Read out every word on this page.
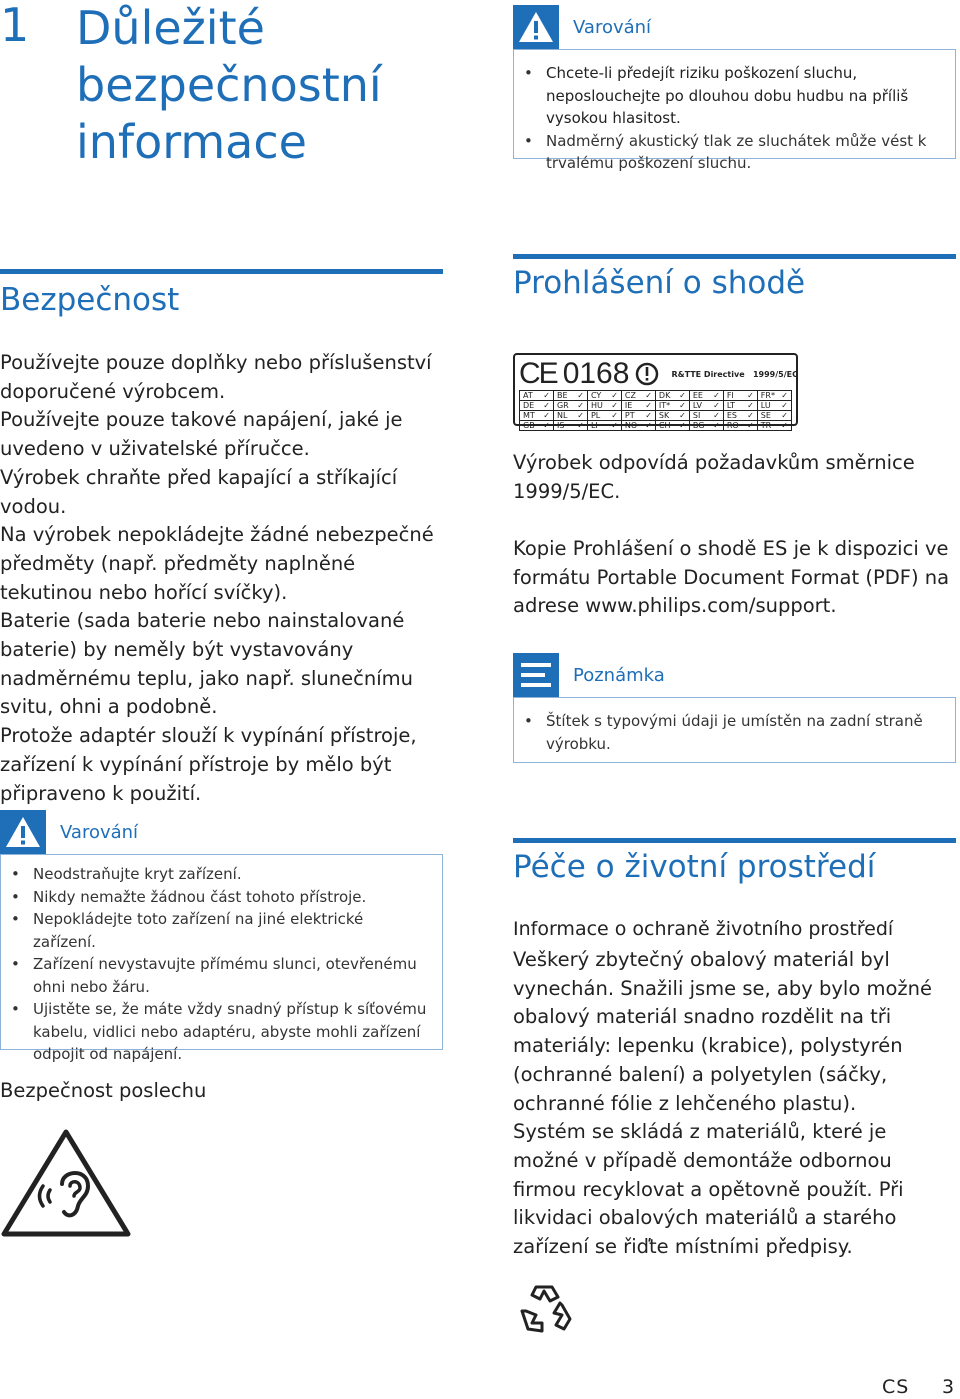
1 Důležité
bezpečnostní
informace
Varování
• Chcete-li předejít riziku poškození sluchu, neposlouchejte po dlouhou dobu hudbu na příliš vysokou hlasitost.
• Nadměrný akustický tlak ze sluchátek může vést k trvalému poškození sluchu.
Bezpečnost
Používejte pouze doplňky nebo příslušenství doporučené výrobcem.
Používejte pouze takové napájení, jaké je uvedeno v uživatelské příručce.
Výrobek chraňte před kapající a stříkající vodou.
Na výrobek nepokládejte žádné nebezpečné předměty (např. předměty naplněné tekutinou nebo hořící svíčky).
Baterie (sada baterie nebo nainstalované baterie) by neměly být vystavovány nadměrnému teplu, jako např. slunečnímu svitu, ohni a podobně.
Protože adaptér slouží k vypínání přístroje, zařízení k vypínání přístroje by mělo být připraveno k použití.
Varování
• Neodstraňujte kryt zařízení.
• Nikdy nemažte žádnou část tohoto přístroje.
• Nepokládejte toto zařízení na jiné elektrické zařízení.
• Zařízení nevystavujte přímému slunci, otevřenému ohni nebo žáru.
• Ujistěte se, že máte vždy snadný přístup k síťovému kabelu, vidlici nebo adaptéru, abyste mohli zařízení odpojit od napájení.
Bezpečnost poslechu
Prohlášení o shodě
CE 0168	R&TTE Directive   1999/5/EC
AT ✓	BE ✓	CY ✓	CZ ✓	DK ✓	EE ✓	FI ✓	FR* ✓

DE ✓	GR ✓	HU ✓	IE ✓	IT* ✓	LV ✓	LT ✓	LU ✓

MT ✓	NL ✓	PL ✓	PT ✓	SK ✓	SI ✓	ES ✓	SE ✓

GB ✓	IS ✓	LI ✓	NO ✓	CH ✓	BG ✓	RO ✓	TR ✓
Výrobek odpovídá požadavkům směrnice 1999/5/EC.
Kopie Prohlášení o shodě ES je k dispozici ve formátu Portable Document Format (PDF) na adrese www.philips.com/support.
Poznámka
• Štítek s typovými údaji je umístěn na zadní straně výrobku.
Péče o životní prostředí
Informace o ochraně životního prostředí
Veškerý zbytečný obalový materiál byl vynechán. Snažili jsme se, aby bylo možné obalový materiál snadno rozdělit na tři materiály: lepenku (krabice), polystyrén (ochranné balení) a polyetylen (sáčky, ochranné fólie z lehčeného plastu).
Systém se skládá z materiálů, které je možné v případě demontáže odbornou firmou recyklovat a opětovně použít. Při likvidaci obalových materiálů a starého zařízení se řiďte místními předpisy.
CS 3
